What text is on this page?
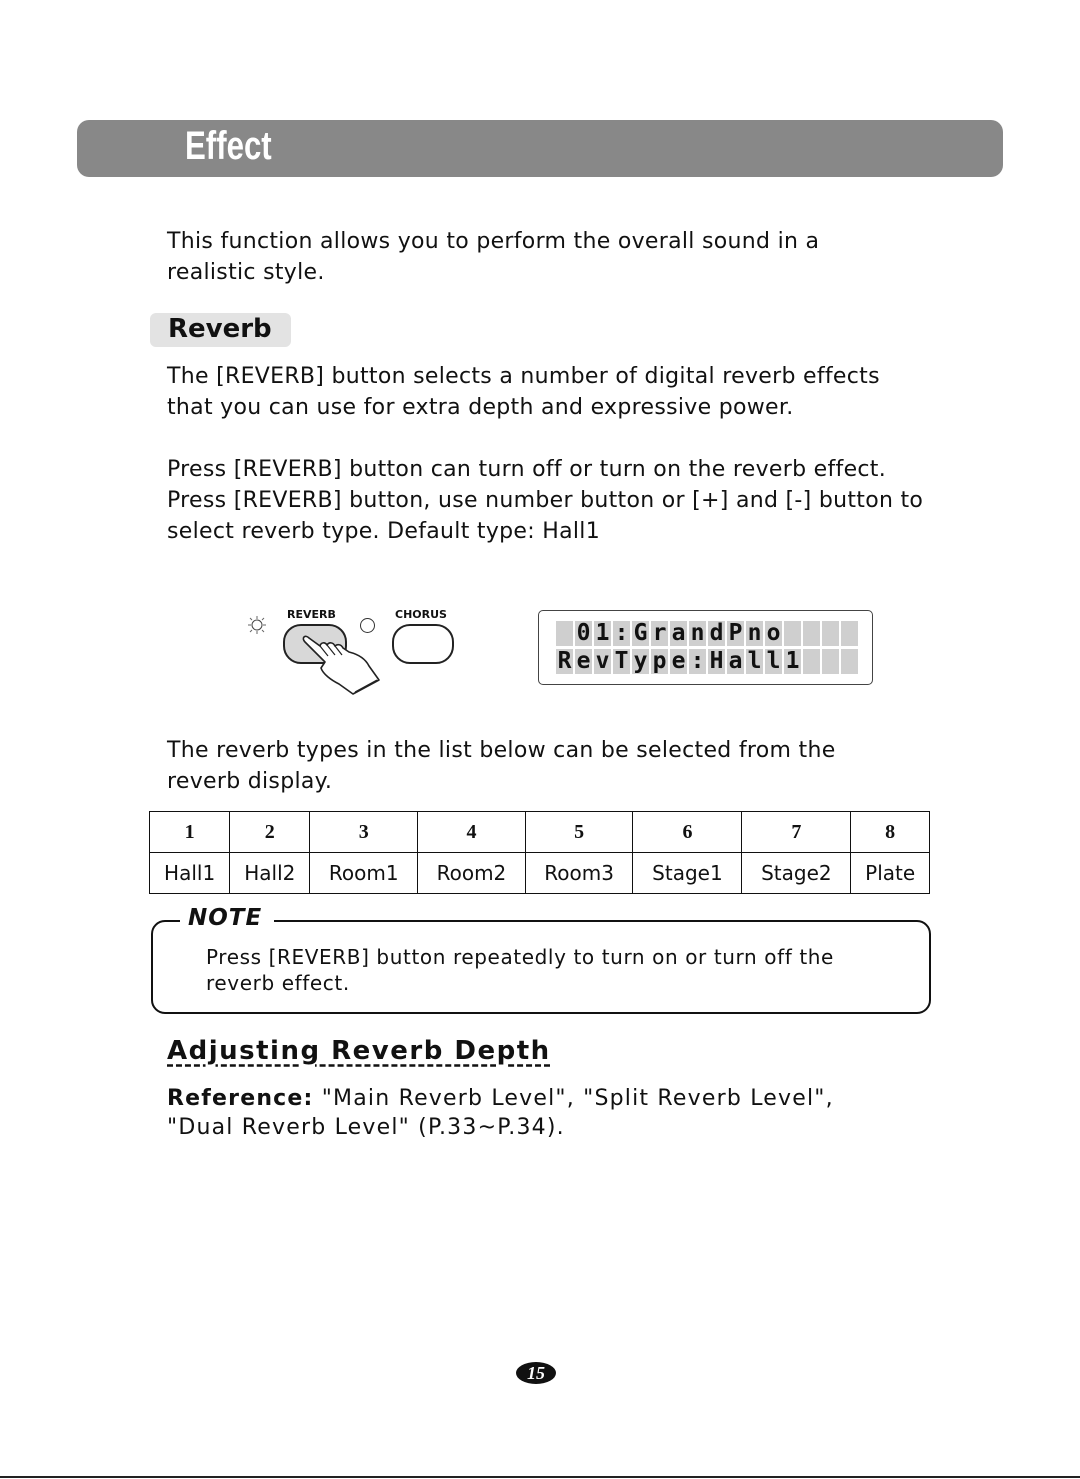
Effect

This function allows you to perform the overall sound in a

realistic style.

Reverb

The [REVERB] button selects a number of digital reverb effects

that you can use for extra depth and expressive power.

Press [REVERB] button can turn off or turn on the reverb effect.

Press [REVERB] button, use number button or [+] and [-] button to

select reverb type. Default type: Hall1

REVERB	CHORUS
0 1 : G r a n d P n o
R e v T y p e : H a l l 1

The reverb types in the list below can be selected from the

reverb display.

1	2	3	4	5	6	7	8
Hall1	Hall2	Room1	Room2	Room3	Stage1	Stage2	Plate
NOTE

Press [REVERB] button repeatedly to turn on or turn off the
reverb effect.

Adjusting Reverb Depth

Reference: "Main Reverb Level", "Split Reverb Level",
"Dual Reverb Level" (P.33~P.34).

15
